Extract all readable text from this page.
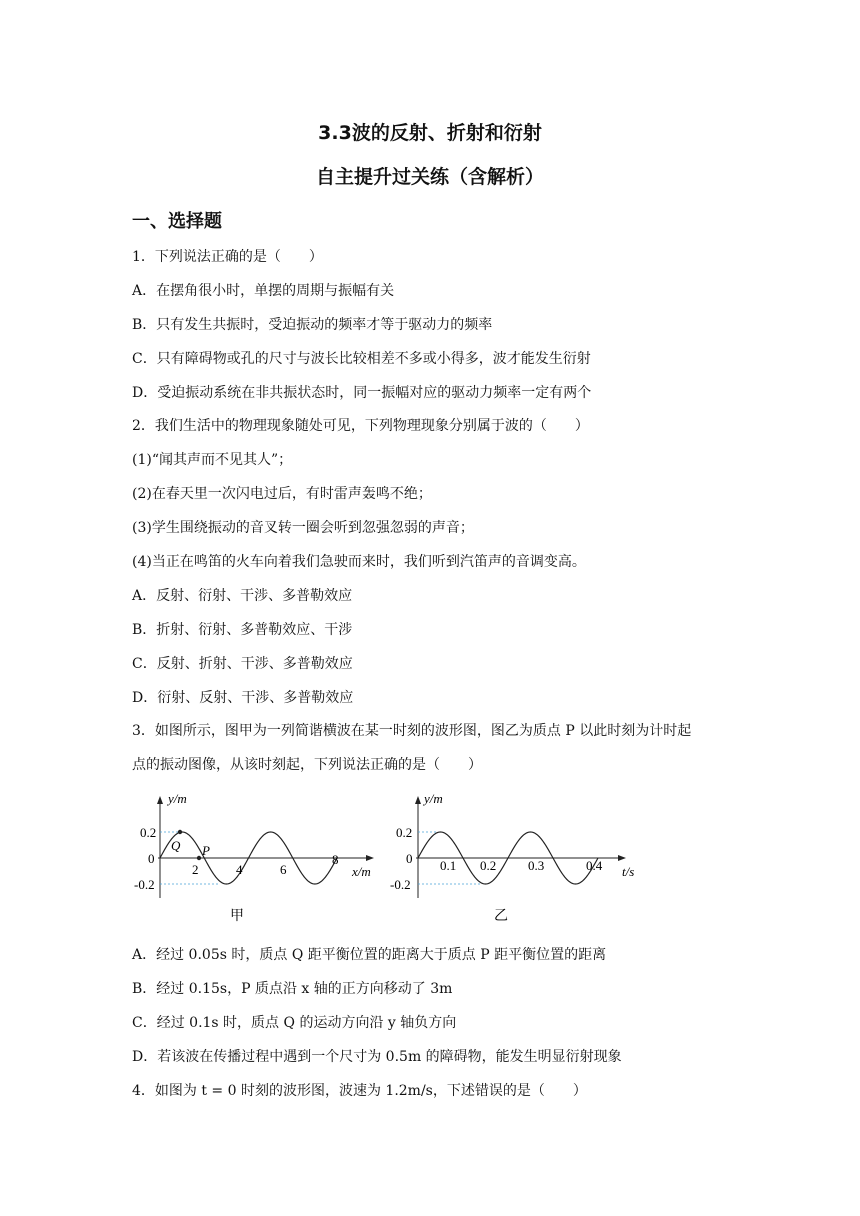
3.3波的反射、折射和衍射
自主提升过关练（含解析）
一、选择题
1．下列说法正确的是（　　）
A．在摆角很小时，单摆的周期与振幅有关
B．只有发生共振时，受迫振动的频率才等于驱动力的频率
C．只有障碍物或孔的尺寸与波长比较相差不多或小得多，波才能发生衍射
D．受迫振动系统在非共振状态时，同一振幅对应的驱动力频率一定有两个
2．我们生活中的物理现象随处可见，下列物理现象分别属于波的（　　）
(1)“闻其声而不见其人”；
(2)在春天里一次闪电过后，有时雷声轰鸣不绝；
(3)学生围绕振动的音叉转一圈会听到忽强忽弱的声音；
(4)当正在鸣笛的火车向着我们急驶而来时，我们听到汽笛声的音调变高。
A．反射、衍射、干涉、多普勒效应
B．折射、衍射、多普勒效应、干涉
C．反射、折射、干涉、多普勒效应
D．衍射、反射、干涉、多普勒效应
3．如图所示，图甲为一列简谐横波在某一时刻的波形图，图乙为质点 P 以此时刻为计时起
点的振动图像，从该时刻起，下列说法正确的是（　　）
y/m
x/m
0.2
0
-0.2
Q P
2	4	6
8
甲
y/m
t/s
0.2
0
-0.2
0.1 0.2 0.3	0.4
乙
A．经过 0.05s 时，质点 Q 距平衡位置的距离大于质点 P 距平衡位置的距离
B．经过 0.15s，P 质点沿 x 轴的正方向移动了 3m
C．经过 0.1s 时，质点 Q 的运动方向沿 y 轴负方向
D．若该波在传播过程中遇到一个尺寸为 0.5m 的障碍物，能发生明显衍射现象
4．如图为 t = 0 时刻的波形图，波速为 1.2m/s，下述错误的是（　　）
